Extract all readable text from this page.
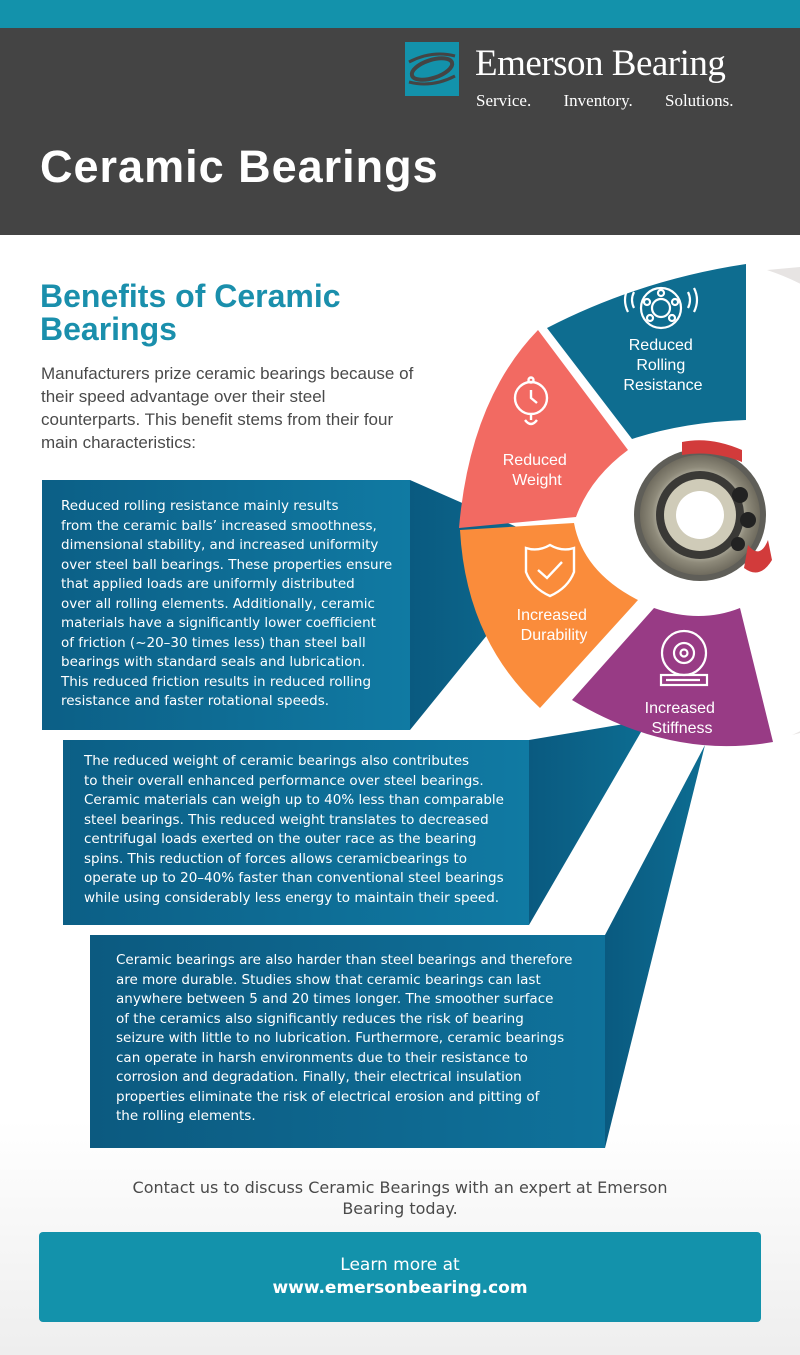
Emerson Bearing
Service. Inventory. Solutions.
Ceramic Bearings
Reduced Rolling Resistance
Reduced Weight
Increased Durability
Increased Stiffness
Benefits of Ceramic Bearings

Manufacturers prize ceramic bearings because of their speed advantage over their steel counterparts. This benefit stems from their four main characteristics:

Reduced rolling resistance mainly results
from the ceramic balls’ increased smoothness,
dimensional stability, and increased uniformity
over steel ball bearings. These properties ensure
that applied loads are uniformly distributed
over all rolling elements. Additionally, ceramic
materials have a significantly lower coefficient
of friction (~20–30 times less) than steel ball
bearings with standard seals and lubrication.
This reduced friction results in reduced rolling
resistance and faster rotational speeds.

The reduced weight of ceramic bearings also contributes
to their overall enhanced performance over steel bearings.
Ceramic materials can weigh up to 40% less than comparable
steel bearings. This reduced weight translates to decreased
centrifugal loads exerted on the outer race as the bearing
spins. This reduction of forces allows ceramicbearings to
operate up to 20–40% faster than conventional steel bearings
while using considerably less energy to maintain their speed.

Ceramic bearings are also harder than steel bearings and therefore
are more durable. Studies show that ceramic bearings can last
anywhere between 5 and 20 times longer. The smoother surface
of the ceramics also significantly reduces the risk of bearing
seizure with little to no lubrication. Furthermore, ceramic bearings
can operate in harsh environments due to their resistance to
corrosion and degradation. Finally, their electrical insulation
properties eliminate the risk of electrical erosion and pitting of
the rolling elements.

Contact us to discuss Ceramic Bearings with an expert at Emerson Bearing today.

Learn more at
www.emersonbearing.com
